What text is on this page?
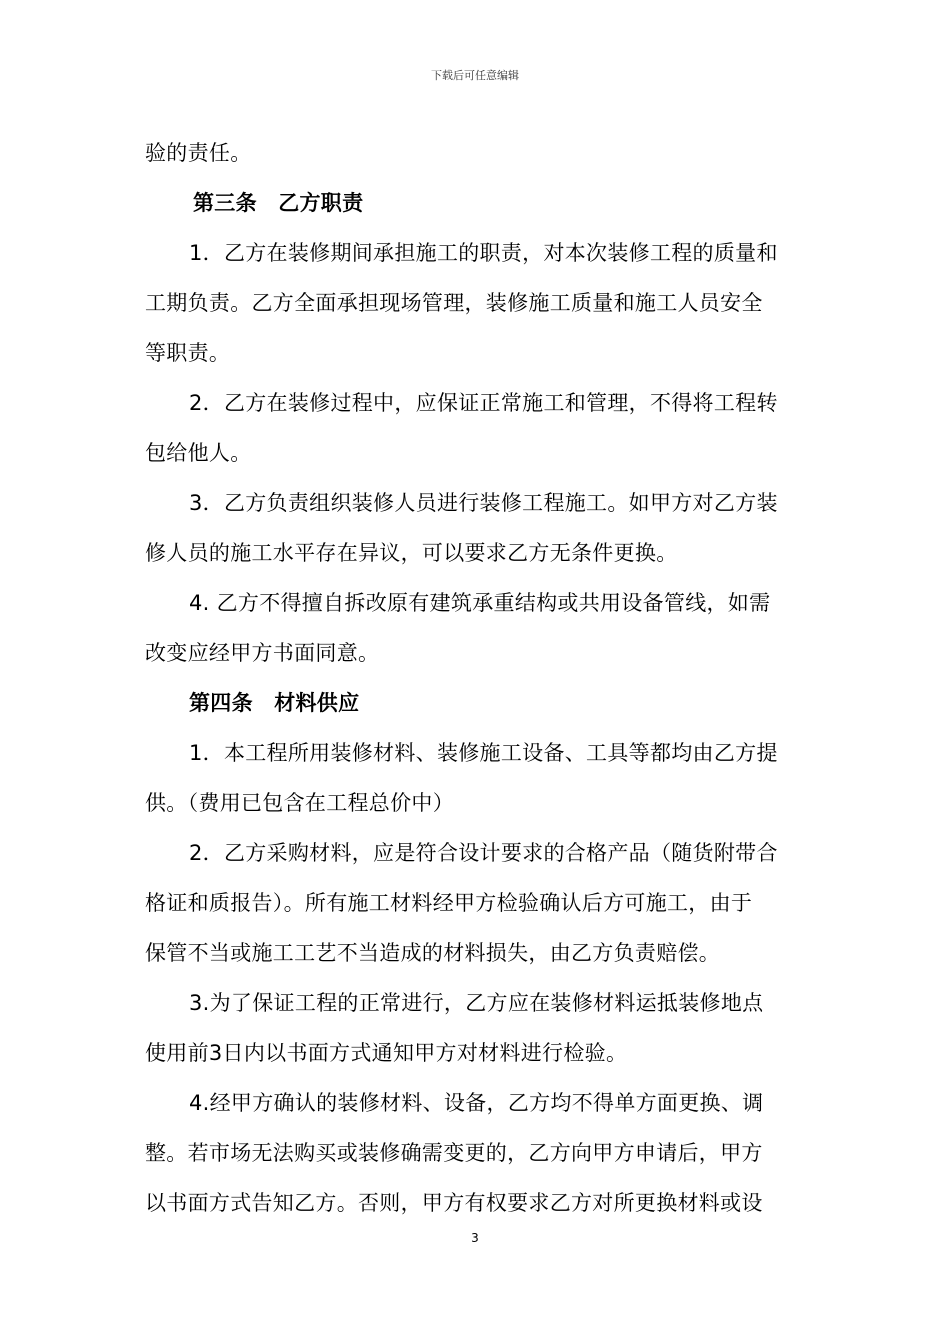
下载后可任意编辑
验的责任。
第三条　乙方职责
1．乙方在装修期间承担施工的职责，对本次装修工程的质量和
工期负责。乙方全面承担现场管理，装修施工质量和施工人员安全
等职责。
2．乙方在装修过程中，应保证正常施工和管理，不得将工程转
包给他人。
3．乙方负责组织装修人员进行装修工程施工。如甲方对乙方装
修人员的施工水平存在异议，可以要求乙方无条件更换。
4. 乙方不得擅自拆改原有建筑承重结构或共用设备管线，如需
改变应经甲方书面同意。
第四条　材料供应
1．本工程所用装修材料、装修施工设备、工具等都均由乙方提
供。（费用已包含在工程总价中）
2．乙方采购材料，应是符合设计要求的合格产品（随货附带合
格证和质报告）。所有施工材料经甲方检验确认后方可施工，由于
保管不当或施工工艺不当造成的材料损失，由乙方负责赔偿。
3.为了保证工程的正常进行，乙方应在装修材料运抵装修地点
使用前3日内以书面方式通知甲方对材料进行检验。
4.经甲方确认的装修材料、设备，乙方均不得单方面更换、调
整。若市场无法购买或装修确需变更的，乙方向甲方申请后，甲方
以书面方式告知乙方。否则，甲方有权要求乙方对所更换材料或设
3
